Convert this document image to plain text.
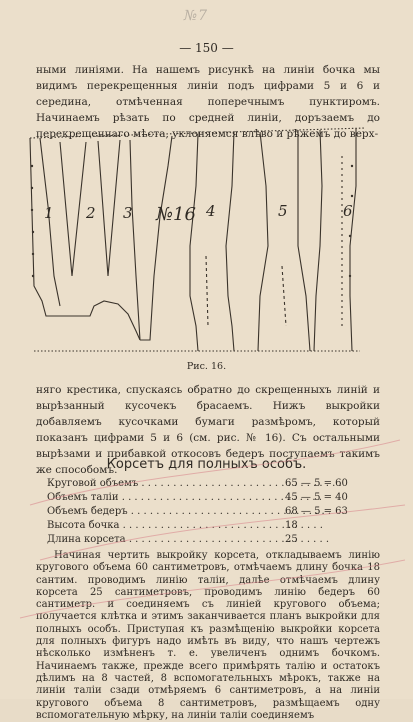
№7
— 150 —

ными линіями. На нашемъ рисункѣ на линіи бочка мы видимъ перекрещенныя линіи подъ цифрами 5 и 6 и середина, отмѣченная поперечнымъ пунктиромъ. Начинаемъ рѣзать по средней линіи, доръзаемъ до перекрещеннаго мѣста, уклоняемся влѣво и рѣжемъ до верх-

1 2 3 №16 4	5	6
Рис. 16.

няго крестика, спускаясь обратно до скрещенныхъ линій и вырѣзанный кусочекъ брасаемъ. Нижъ выкройки добавляемъ кусочками бумаги размѣромъ, который показанъ цифрами 5 и 6 (см. рис. № 16). Съ остальными вырѣзами и прибавкой откосовъ бедеръ поступаемъ такимъ же способомъ.

Корсетъ для полныхъ особъ.
Круговой объемъ . . .	65 — 5 = 60
Объемъ таліи . . .	45 — 5 = 40
Объемъ бедеръ . . .	68 — 5 = 63
Высота бочка . . .	18
Длина корсета . . .	25

Начиная чертить выкройку корсета, откладываемъ линію кругового объема 60 сантиметровъ, отмѣчаемъ длину бочка 18 сантим. проводимъ линію таліи, далѣе отмѣчаемъ длину корсета 25 сантиметровъ, проводимъ линію бедеръ 60 сантиметр. и соединяемъ съ линіей кругового объема; получается клѣтка и этимъ заканчивается планъ выкройки для полныхъ особъ. Приступая къ размѣщенію выкройки корсета для полныхъ фигуръ надо имѣть въ виду, что нашъ чертежъ нѣсколько измѣненъ т. е. увеличенъ однимъ бочкомъ. Начинаемъ также, прежде всего примѣрять талію и остатокъ дѣлимъ на 8 частей, 8 вспомогательныхъ мѣрокъ, также на линіи таліи сзади отмѣряемъ 6 сантиметровъ, а на линіи кругового объема 8 сантиметровъ, размѣщаемъ одну вспомогательную мѣрку, на линіи таліи соединяемъ
